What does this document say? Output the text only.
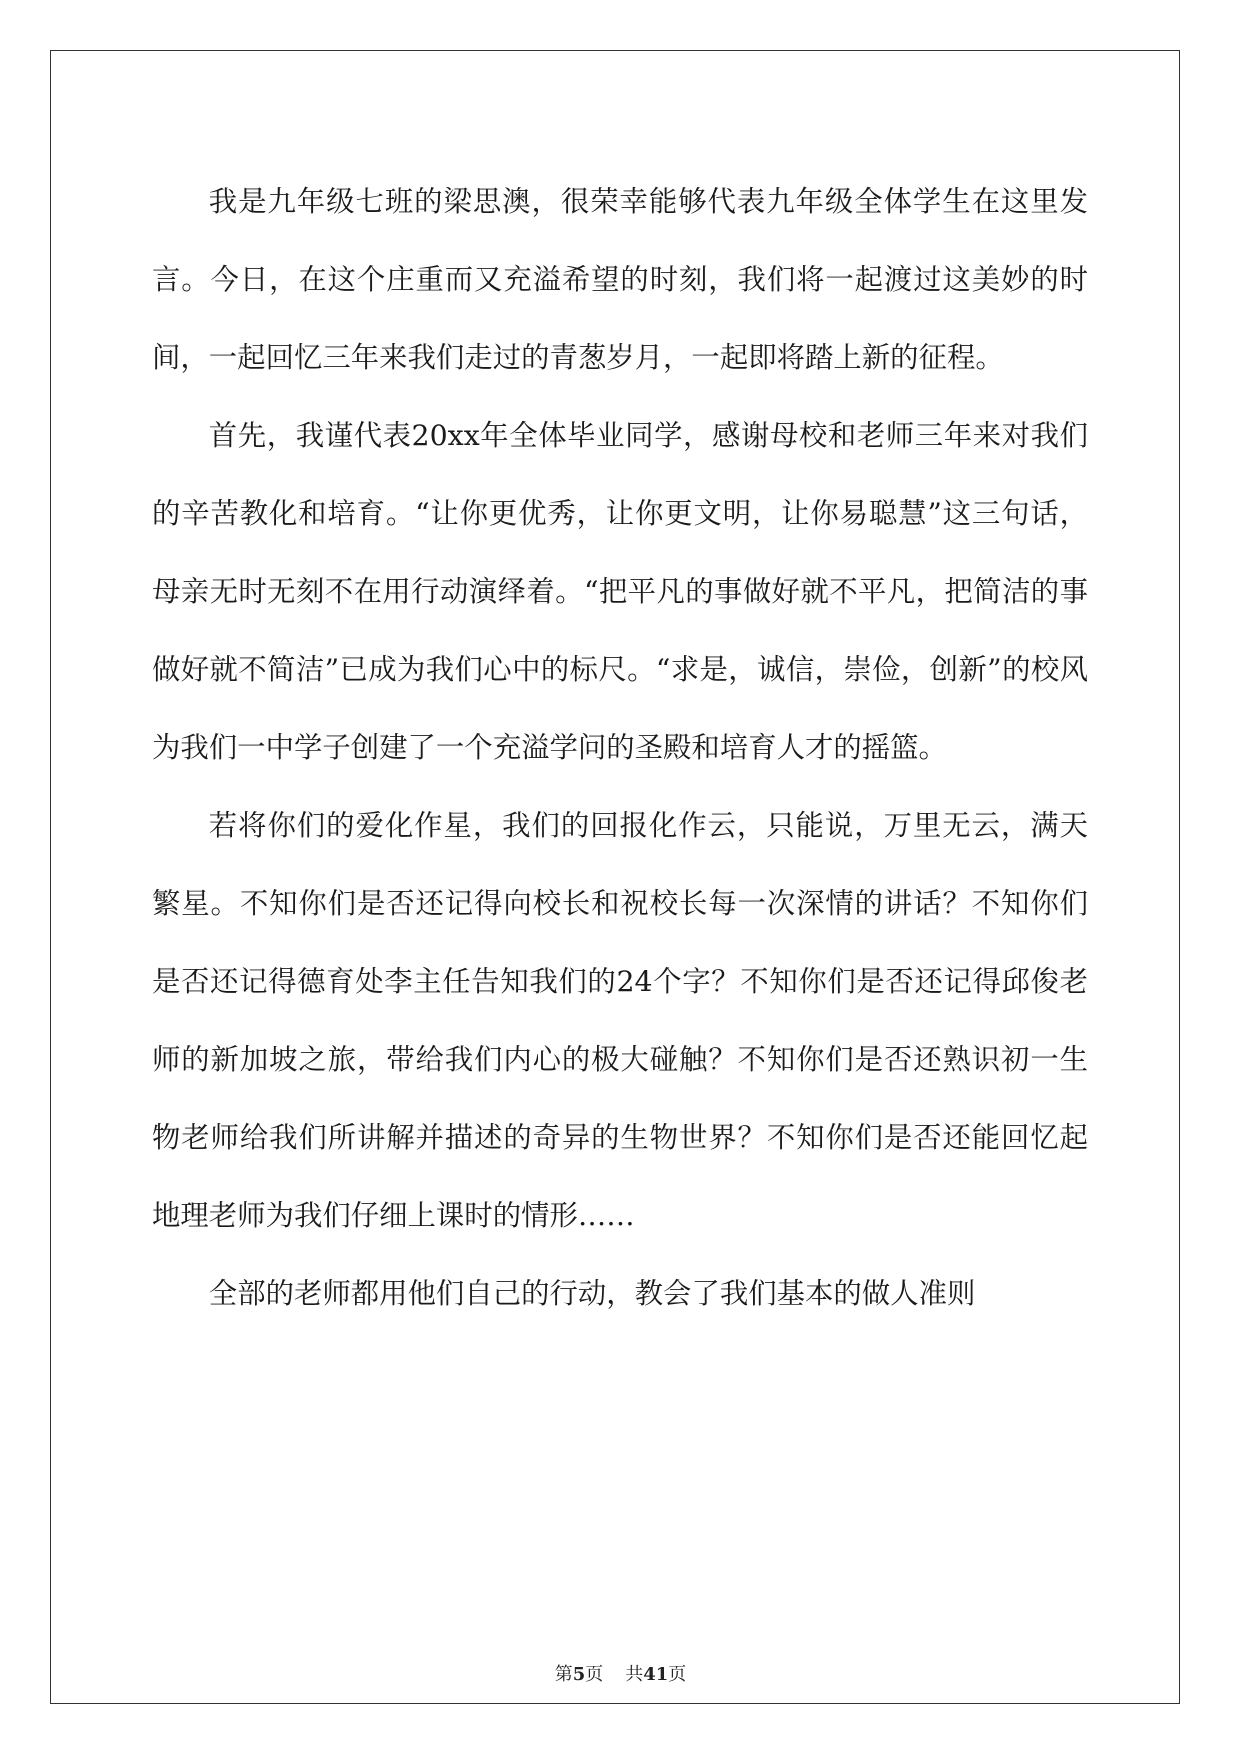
我是九年级七班的梁思澳，很荣幸能够代表九年级全体学生在这里发言。今日，在这个庄重而又充溢希望的时刻，我们将一起渡过这美妙的时间，一起回忆三年来我们走过的青葱岁月，一起即将踏上新的征程。

首先，我谨代表20xx年全体毕业同学，感谢母校和老师三年来对我们的辛苦教化和培育。“让你更优秀，让你更文明，让你易聪慧”这三句话，母亲无时无刻不在用行动演绎着。“把平凡的事做好就不平凡，把简洁的事做好就不简洁”已成为我们心中的标尺。“求是，诚信，崇俭，创新”的校风为我们一中学子创建了一个充溢学问的圣殿和培育人才的摇篮。

若将你们的爱化作星，我们的回报化作云，只能说，万里无云，满天繁星。不知你们是否还记得向校长和祝校长每一次深情的讲话？不知你们是否还记得德育处李主任告知我们的24个字？不知你们是否还记得邱俊老师的新加坡之旅，带给我们内心的极大碰触？不知你们是否还熟识初一生物老师给我们所讲解并描述的奇异的生物世界？不知你们是否还能回忆起地理老师为我们仔细上课时的情形……

全部的老师都用他们自己的行动，教会了我们基本的做人准则

第5页 共41页
